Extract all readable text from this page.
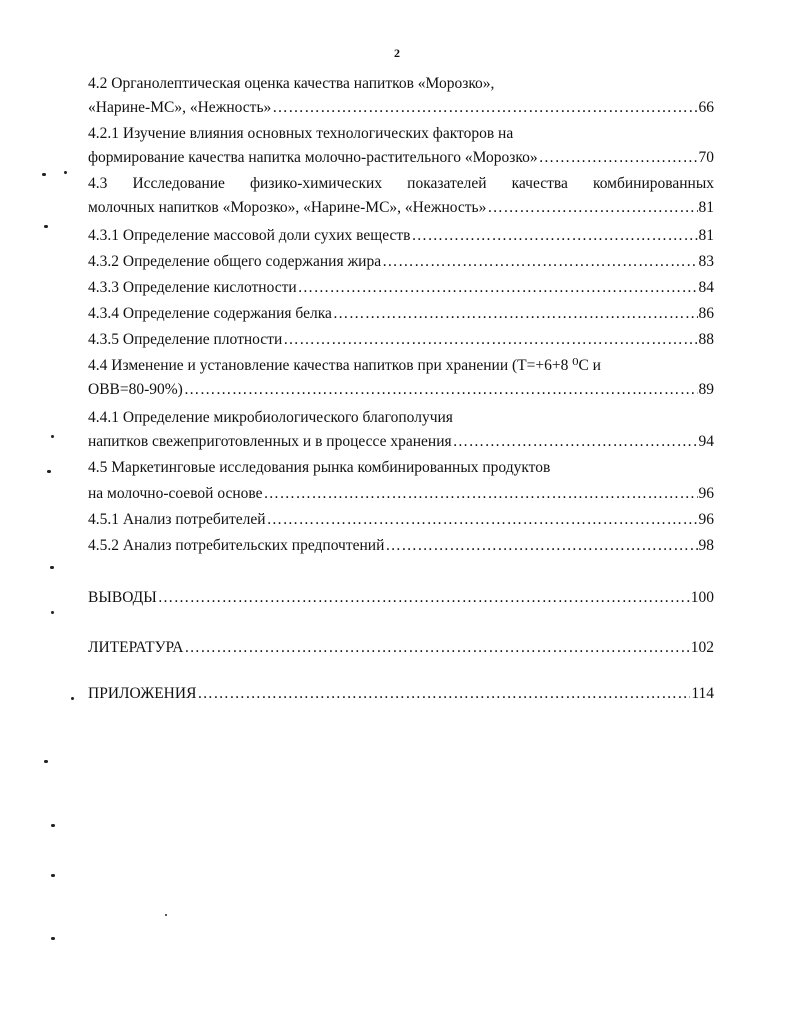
2
4.2 Органолептическая оценка качества напитков «Морозко»,
«Нарине-МС», «Нежность» ……………………………………………………………………………………………………………………………………………………………	66
4.2.1 Изучение влияния основных технологических факторов на
формирование качества напитка молочно-растительного «Морозко» ……………………………………………………………………………………………………………………………………………………………	70
4.3 Исследование физико-химических показателей качества комбинированных
молочных напитков «Морозко», «Нарине-МС», «Нежность» ……………………………………………………………………………………………………………………………………………………………	81
4.3.1 Определение массовой доли сухих веществ ……………………………………………………………………………………………………………………………………………………………	81
4.3.2 Определение общего содержания жира ……………………………………………………………………………………………………………………………………………………………	83
4.3.3 Определение кислотности ……………………………………………………………………………………………………………………………………………………………	84
4.3.4 Определение содержания белка ……………………………………………………………………………………………………………………………………………………………	86
4.3.5 Определение плотности ……………………………………………………………………………………………………………………………………………………………	88
4.4 Изменение и установление качества напитков при хранении (Т=+6+8 ⁰С и
ОВВ=80-90%) ……………………………………………………………………………………………………………………………………………………………	89
4.4.1 Определение микробиологического благополучия
напитков свежеприготовленных и в процессе хранения ……………………………………………………………………………………………………………………………………………………………	94
4.5 Маркетинговые исследования рынка комбинированных продуктов
на молочно-соевой основе ……………………………………………………………………………………………………………………………………………………………	96
4.5.1 Анализ потребителей ……………………………………………………………………………………………………………………………………………………………	96
4.5.2 Анализ потребительских предпочтений ……………………………………………………………………………………………………………………………………………………………	98
ВЫВОДЫ ……………………………………………………………………………………………………………………………………………………………	100
ЛИТЕРАТУРА ……………………………………………………………………………………………………………………………………………………………	102
ПРИЛОЖЕНИЯ ……………………………………………………………………………………………………………………………………………………………	114
